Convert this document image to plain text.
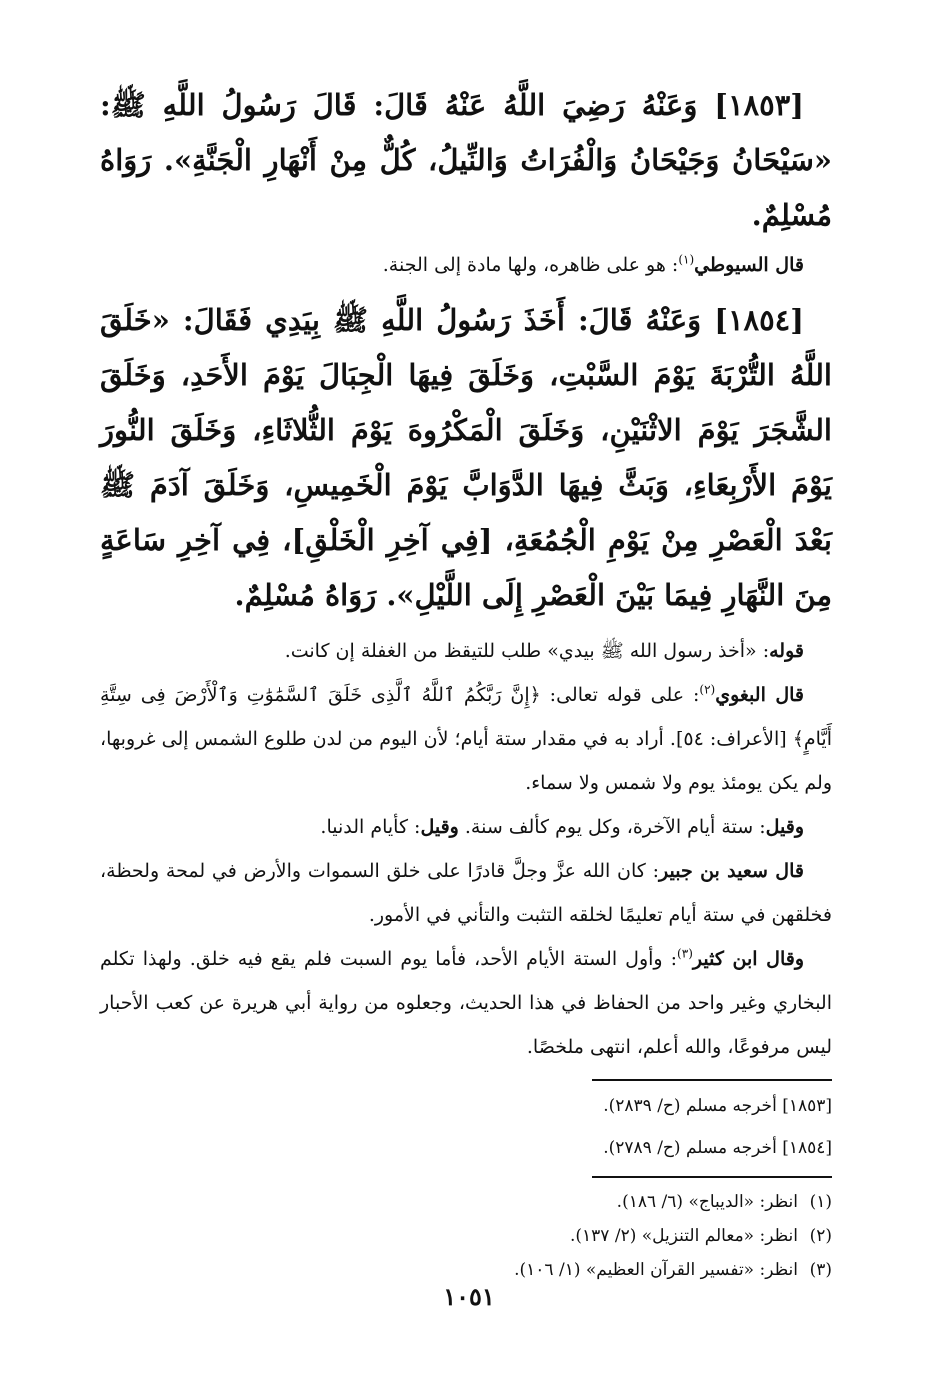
[١٨٥٣] وَعَنْهُ رَضِيَ اللَّهُ عَنْهُ قَالَ: قَالَ رَسُولُ اللَّهِ ﷺ: «سَيْحَانُ وَجَيْحَانُ وَالْفُرَاتُ وَالنِّيلُ، كُلٌّ مِنْ أَنْهَارِ الْجَنَّةِ». رَوَاهُ مُسْلِمٌ.

قال السيوطي$^{(١)}$: هو على ظاهره، ولها مادة إلى الجنة.

[١٨٥٤] وَعَنْهُ قَالَ: أَخَذَ رَسُولُ اللَّهِ ﷺ بِيَدِي فَقَالَ: «خَلَقَ اللَّهُ التُّرْبَةَ يَوْمَ السَّبْتِ، وَخَلَقَ فِيهَا الْجِبَالَ يَوْمَ الأَحَدِ، وَخَلَقَ الشَّجَرَ يَوْمَ الاثْنَيْنِ، وَخَلَقَ الْمَكْرُوهَ يَوْمَ الثُّلاثَاءِ، وَخَلَقَ النُّورَ يَوْمَ الأَرْبِعَاءِ، وَبَثَّ فِيهَا الدَّوَابَّ يَوْمَ الْخَمِيسِ، وَخَلَقَ آدَمَ ﷺ بَعْدَ الْعَصْرِ مِنْ يَوْمِ الْجُمُعَةِ، [فِي آخِرِ الْخَلْقِ]، فِي آخِرِ سَاعَةٍ مِنَ النَّهَارِ فِيمَا بَيْنَ الْعَصْرِ إِلَى اللَّيْلِ». رَوَاهُ مُسْلِمٌ.

قوله: «أخذ رسول الله ﷺ بيدي» طلب للتيقظ من الغفلة إن كانت.

قال البغوي$^{(٢)}$: على قوله تعالى: ﴿إِنَّ رَبَّكُمُ ٱللَّهُ ٱلَّذِى خَلَقَ ٱلسَّمَٰوَٰتِ وَٱلْأَرْضَ فِى سِتَّةِ أَيَّامٍ﴾ [الأعراف: ٥٤]. أراد به في مقدار ستة أيام؛ لأن اليوم من لدن طلوع الشمس إلى غروبها، ولم يكن يومئذ يوم ولا شمس ولا سماء.

وقيل: ستة أيام الآخرة، وكل يوم كألف سنة. وقيل: كأيام الدنيا.

قال سعيد بن جبير: كان الله عزَّ وجلَّ قادرًا على خلق السموات والأرض في لمحة ولحظة، فخلقهن في ستة أيام تعليمًا لخلقه التثبت والتأني في الأمور.

وقال ابن كثير$^{(٣)}$: وأول الستة الأيام الأحد، فأما يوم السبت فلم يقع فيه خلق. ولهذا تكلم البخاري وغير واحد من الحفاظ في هذا الحديث، وجعلوه من رواية أبي هريرة عن كعب الأحبار ليس مرفوعًا، والله أعلم، انتهى ملخصًا.

[١٨٥٣] أخرجه مسلم (ح/ ٢٨٣٩).

[١٨٥٤] أخرجه مسلم (ح/ ٢٧٨٩).

(١)انظر: «الديباج» (٦/ ١٨٦).

(٢)انظر: «معالم التنزيل» (٢/ ١٣٧).

(٣)انظر: «تفسير القرآن العظيم» (١/ ١٠٦).

١٠٥١
